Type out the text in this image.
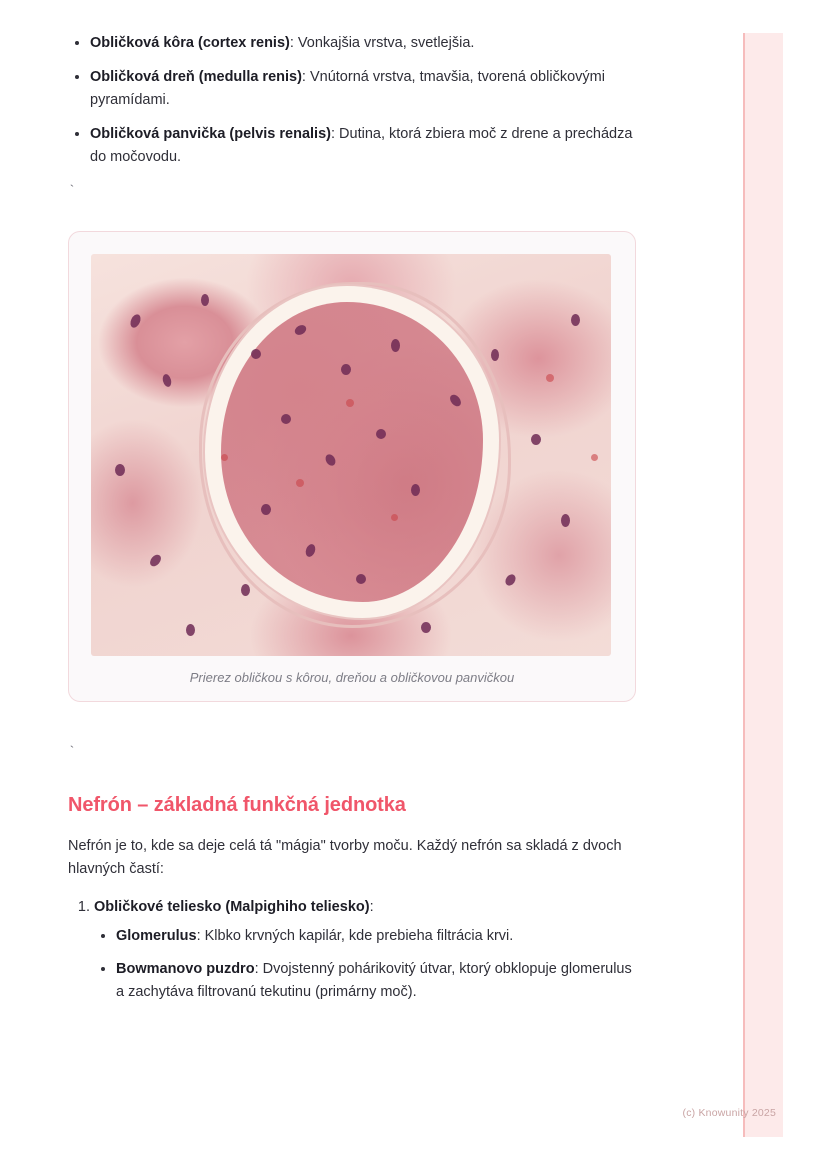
• Obličková kôra (cortex renis): Vonkajšia vrstva, svetlejšia.
• Obličková dreň (medulla renis): Vnútorná vrstva, tmavšia, tvorená obličkovými pyramídami.
• Obličková panvička (pelvis renalis): Dutina, ktorá zbiera moč z drene a prechádza do močovodu.
`
Prierez obličkou s kôrou, dreňou a obličkovou panvičkou
`
Nefrón – základná funkčná jednotka

Nefrón je to, kde sa deje celá tá "mágia" tvorby moču. Každý nefrón sa skladá z dvoch hlavných častí:

1. Obličkové teliesko (Malpighiho teliesko):
• Glomerulus: Klbko krvných kapilár, kde prebieha filtrácia krvi.
• Bowmanovo puzdro: Dvojstenný pohárikovitý útvar, ktorý obklopuje glomerulus a zachytáva filtrovanú tekutinu (primárny moč).
(c) Knowunity 2025
